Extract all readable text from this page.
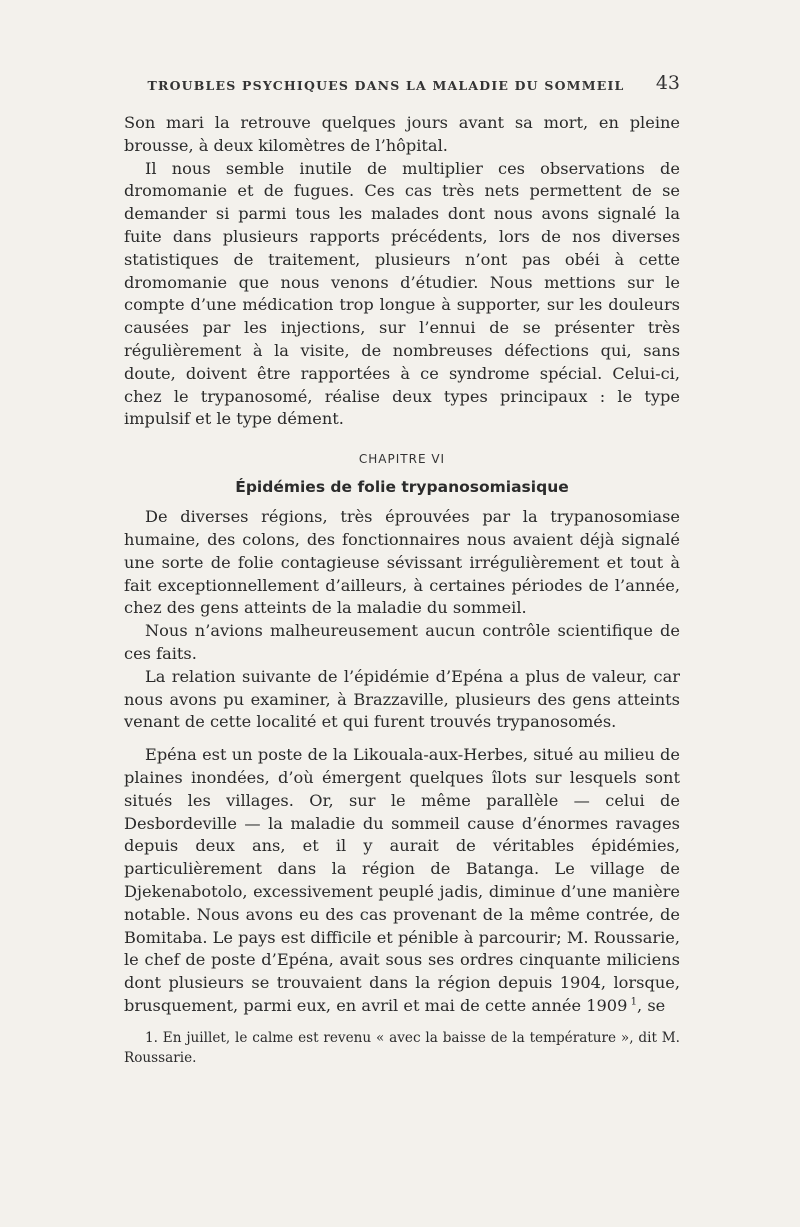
TROUBLES PSYCHIQUES DANS LA MALADIE DU SOMMEIL	43

Son mari la retrouve quelques jours avant sa mort, en pleine brousse, à deux kilomètres de l’hôpital.

Il nous semble inutile de multiplier ces observations de dromomanie et de fugues. Ces cas très nets permettent de se demander si parmi tous les malades dont nous avons signalé la fuite dans plusieurs rapports précédents, lors de nos diverses statistiques de traitement, plusieurs n’ont pas obéi à cette dromomanie que nous venons d’étudier. Nous mettions sur le compte d’une médication trop longue à supporter, sur les douleurs causées par les injections, sur l’ennui de se présenter très régulièrement à la visite, de nombreuses défections qui, sans doute, doivent être rapportées à ce syndrome spécial. Celui-ci, chez le trypanosomé, réalise deux types principaux : le type impulsif et le type dément.

CHAPITRE VI
Épidémies de folie trypanosomiasique

De diverses régions, très éprouvées par la trypanosomiase humaine, des colons, des fonctionnaires nous avaient déjà signalé une sorte de folie contagieuse sévissant irrégulièrement et tout à fait exceptionnellement d’ailleurs, à certaines périodes de l’année, chez des gens atteints de la maladie du sommeil.

Nous n’avions malheureusement aucun contrôle scientifique de ces faits.

La relation suivante de l’épidémie d’Epéna a plus de valeur, car nous avons pu examiner, à Brazzaville, plusieurs des gens atteints venant de cette localité et qui furent trouvés trypanosomés.

Epéna est un poste de la Likouala-aux-Herbes, situé au milieu de plaines inondées, d’où émergent quelques îlots sur lesquels sont situés les villages. Or, sur le même parallèle — celui de Desbordeville — la maladie du sommeil cause d’énormes ravages depuis deux ans, et il y aurait de véritables épidémies, particulièrement dans la région de Batanga. Le village de Djekenabotolo, excessivement peuplé jadis, diminue d’une manière notable. Nous avons eu des cas provenant de la même contrée, de Bomitaba. Le pays est difficile et pénible à parcourir; M. Roussarie, le chef de poste d’Epéna, avait sous ses ordres cinquante miliciens dont plusieurs se trouvaient dans la région depuis 1904, lorsque, brusquement, parmi eux, en avril et mai de cette année 1909  $^1$, se

1. En juillet, le calme est revenu « avec la baisse de la température », dit M. Roussarie.
